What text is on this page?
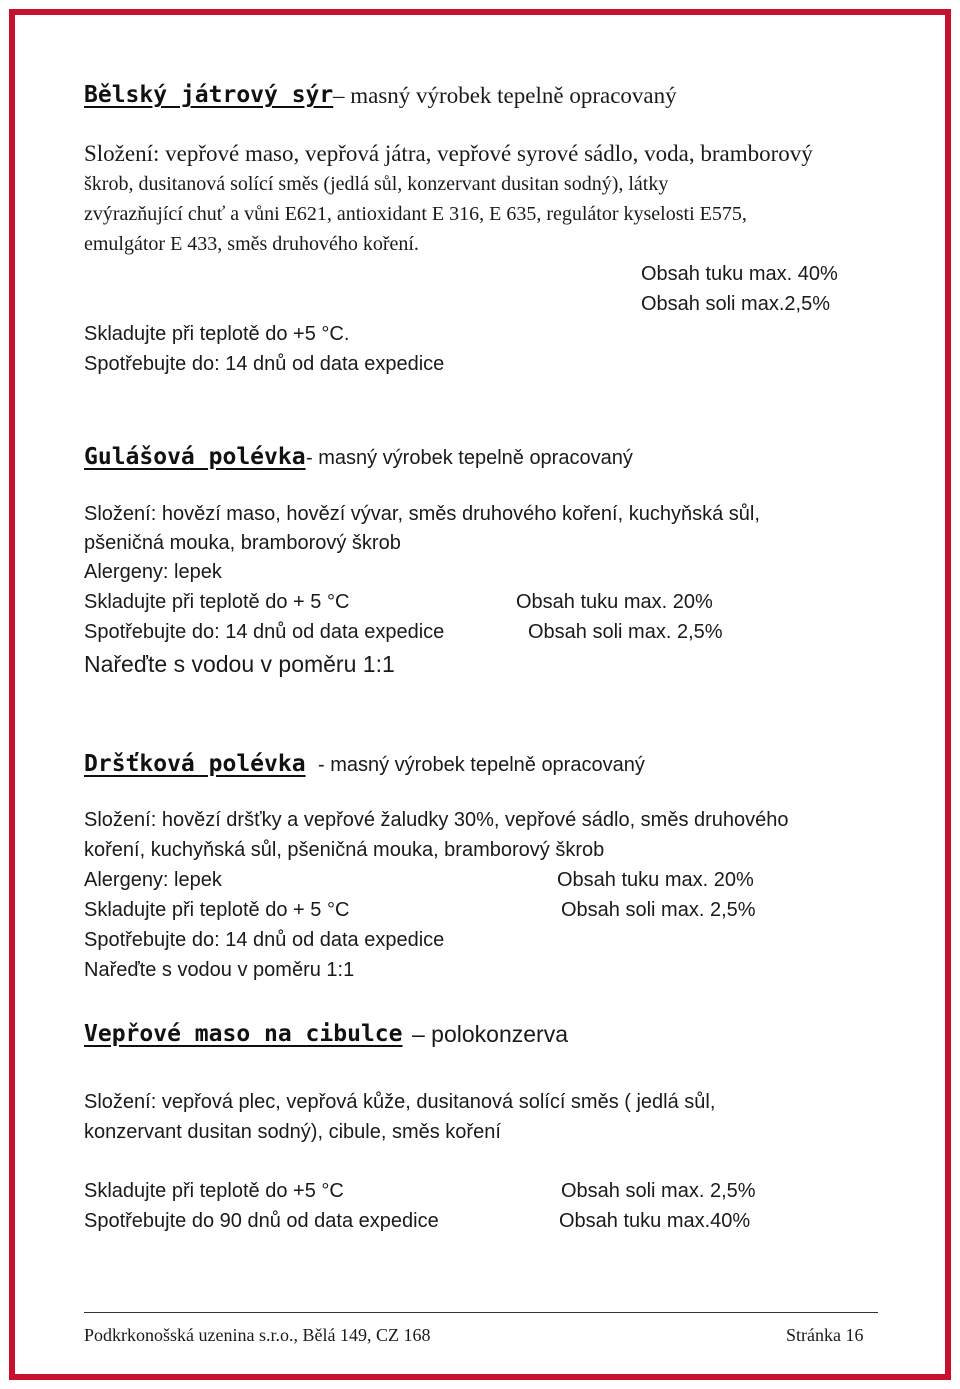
Bělský játrový sýr – masný výrobek tepelně opracovaný
Složení: vepřové maso, vepřová játra, vepřové syrové sádlo, voda, bramborový
škrob, dusitanová solící směs (jedlá sůl, konzervant dusitan sodný), látky
zvýrazňující chuť a vůni E621, antioxidant E 316, E 635, regulátor kyselosti E575,
emulgátor E 433, směs druhového koření.
Obsah tuku max. 40%
Obsah soli max.2,5%
Skladujte při teplotě do +5 °C.
Spotřebujte do: 14 dnů od data expedice
Gulášová polévka - masný výrobek tepelně opracovaný
Složení: hovězí maso, hovězí vývar, směs druhového koření, kuchyňská sůl,
pšeničná mouka, bramborový škrob
Alergeny: lepek
Skladujte při teplotě do + 5 °C	Obsah tuku max. 20%
Spotřebujte do: 14 dnů od data expedice	Obsah soli max. 2,5%
Nařeďte s vodou v poměru 1:1
Dršťková polévka - masný výrobek tepelně opracovaný
Složení: hovězí dršťky a vepřové žaludky 30%, vepřové sádlo, směs druhového
koření, kuchyňská sůl, pšeničná mouka, bramborový škrob
Alergeny: lepek	Obsah tuku max. 20%
Skladujte při teplotě do + 5 °C	Obsah soli max. 2,5%
Spotřebujte do: 14 dnů od data expedice
Nařeďte s vodou v poměru 1:1
Vepřové maso na cibulce – polokonzerva
Složení: vepřová plec, vepřová kůže, dusitanová solící směs ( jedlá sůl,
konzervant dusitan sodný), cibule, směs koření
Skladujte při teplotě do +5 °C	Obsah soli max. 2,5%
Spotřebujte do 90 dnů od data expedice	Obsah tuku max.40%
Podkrkonošská uzenina s.r.o., Bělá 149, CZ 168	Stránka 16
